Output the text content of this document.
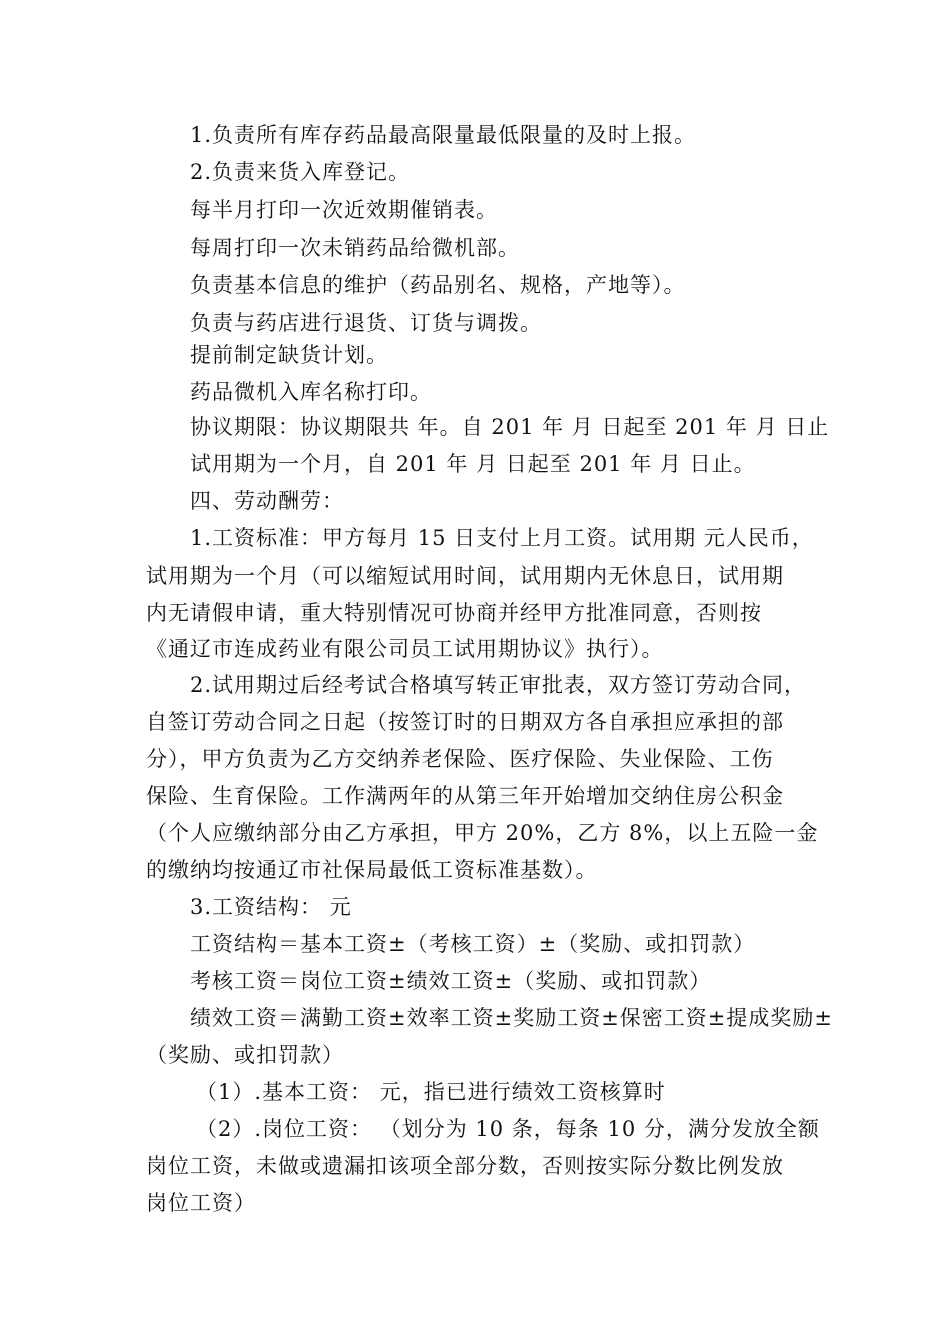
1.负责所有库存药品最高限量最低限量的及时上报。
2.负责来货入库登记。
每半月打印一次近效期催销表。
每周打印一次未销药品给微机部。
负责基本信息的维护（药品别名、规格，产地等）。
负责与药店进行退货、订货与调拨。
提前制定缺货计划。
药品微机入库名称打印。
协议期限：协议期限共 年。自 201 年 月 日起至 201 年 月 日止
试用期为一个月，自 201 年 月 日起至 201 年 月 日止。
四、劳动酬劳：
1.工资标准：甲方每月 15 日支付上月工资。试用期 元人民币，
试用期为一个月（可以缩短试用时间，试用期内无休息日，试用期
内无请假申请，重大特别情况可协商并经甲方批准同意，否则按
《通辽市连成药业有限公司员工试用期协议》执行）。
2.试用期过后经考试合格填写转正审批表，双方签订劳动合同，
自签订劳动合同之日起（按签订时的日期双方各自承担应承担的部
分），甲方负责为乙方交纳养老保险、医疗保险、失业保险、工伤
保险、生育保险。工作满两年的从第三年开始增加交纳住房公积金
（个人应缴纳部分由乙方承担，甲方 20%，乙方 8%，以上五险一金
的缴纳均按通辽市社保局最低工资标准基数）。
3.工资结构： 元
工资结构＝基本工资±（考核工资）±（奖励、或扣罚款）
考核工资＝岗位工资±绩效工资±（奖励、或扣罚款）
绩效工资＝满勤工资±效率工资±奖励工资±保密工资±提成奖励±
（奖励、或扣罚款）
（1）.基本工资： 元，指已进行绩效工资核算时
（2）.岗位工资： （划分为 10 条，每条 10 分，满分发放全额
岗位工资，未做或遗漏扣该项全部分数，否则按实际分数比例发放
岗位工资）
